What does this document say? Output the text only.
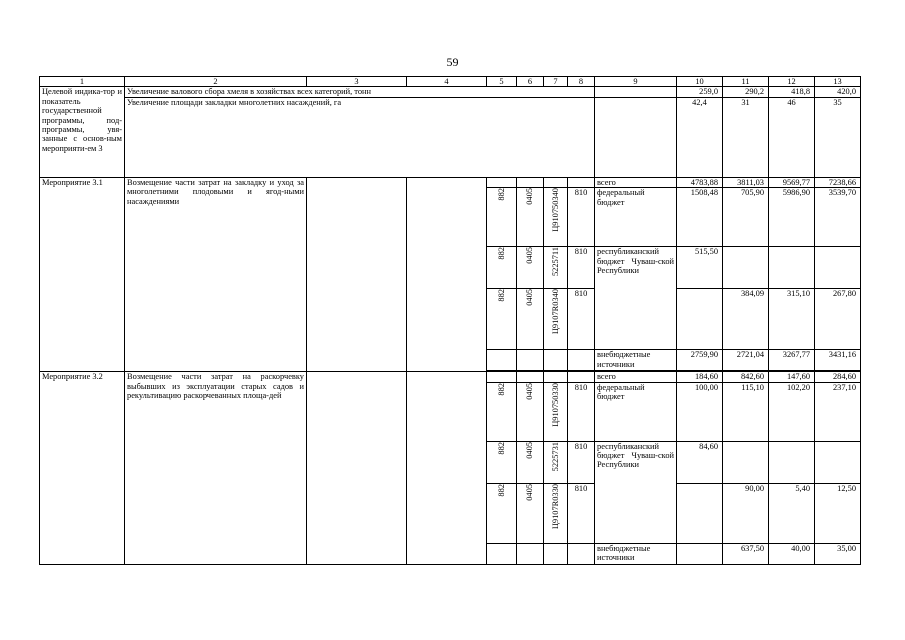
59
1	2	3	4	5	6	7	8	9	10	11	12	13
Целевой индика-тор и показатель государственной программы, под-программы, увя-занные с основ-ным мероприяти-ем 3	Увеличение валового сбора хмеля в хозяйствах всех категорий, тонн								259,0	290,2	418,8	420,0
	Увеличение площади закладки многолетних насаждений, га								42,4	31	46	35
Мероприятие 3.1	Возмещение части затрат на закладку и уход за многолетними плодовыми и ягод-ными насаждениями							всего	4783,88	3811,03	9569,77	7238,66
				882	0405	Ц910750340	810	федеральный бюджет	1508,48	705,90	5986,90	3539,70
				882	0405	5225711	810	республиканский бюджет Чуваш-ской Республики	515,50			
				882	0405	Ц9107R0340	810			384,09	315,10	267,80
								внебюджетные источники	2759,90	2721,04	3267,77	3431,16

Мероприятие 3.2	Возмещение части затрат на раскорчевку выбывших из эксплуатации старых садов и рекультивацию раскорчеванных площа-дей							всего	184,60	842,60	147,60	284,60
				882	0405	Ц910750330	810	федеральный бюджет	100,00	115,10	102,20	237,10
				882	0405	5225731	810	республиканский бюджет Чуваш-ской Республики	84,60			
				882	0405	Ц9107R0330	810			90,00	5,40	12,50
								внебюджетные источники		637,50	40,00	35,00
